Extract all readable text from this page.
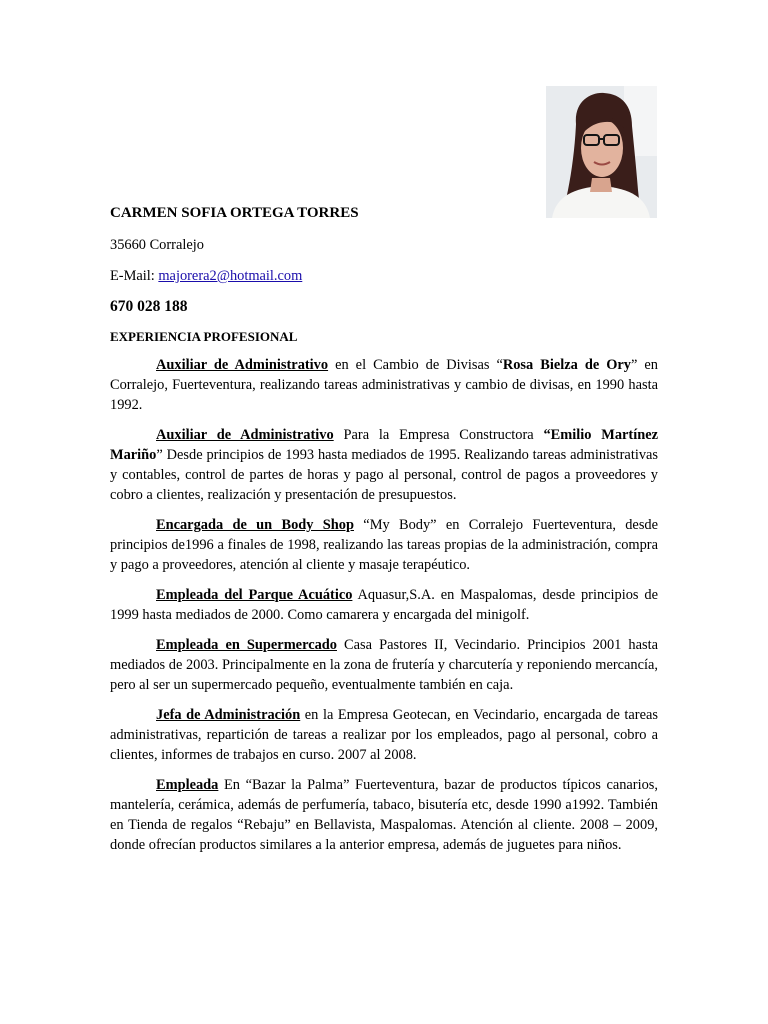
CARMEN SOFIA ORTEGA TORRES
35660 Corralejo
E-Mail: majorera2@hotmail.com
670 028 188
EXPERIENCIA PROFESIONAL

Auxiliar de Administrativo en el Cambio de Divisas “Rosa Bielza de Ory” en Corralejo, Fuerteventura, realizando tareas administrativas y cambio de divisas, en 1990 hasta 1992.

Auxiliar de Administrativo Para la Empresa Constructora “Emilio Martínez Mariño” Desde principios de 1993 hasta mediados de 1995. Realizando tareas administrativas y contables, control de partes de horas y pago al personal, control de pagos a proveedores y cobro a clientes, realización y presentación de presupuestos.

Encargada de un Body Shop “My Body” en Corralejo Fuerteventura, desde principios de1996 a finales de 1998, realizando las tareas propias de la administración, compra y pago a proveedores, atención al cliente y masaje terapéutico.

Empleada del Parque Acuático Aquasur,S.A. en Maspalomas, desde principios de 1999 hasta mediados de 2000. Como camarera y encargada del minigolf.

Empleada en Supermercado Casa Pastores II, Vecindario. Principios 2001 hasta mediados de 2003. Principalmente en la zona de frutería y charcutería y reponiendo mercancía, pero al ser un supermercado pequeño, eventualmente también en caja.

Jefa de Administración en la Empresa Geotecan, en Vecindario, encargada de tareas administrativas, repartición de tareas a realizar por los empleados, pago al personal, cobro a clientes, informes de trabajos en curso. 2007 al 2008.

Empleada En “Bazar la Palma” Fuerteventura, bazar de productos típicos canarios, mantelería, cerámica, además de perfumería, tabaco, bisutería etc, desde 1990 a1992. También en Tienda de regalos “Rebaju” en Bellavista, Maspalomas. Atención al cliente. 2008 – 2009, donde ofrecían productos similares a la anterior empresa, además de juguetes para niños.
